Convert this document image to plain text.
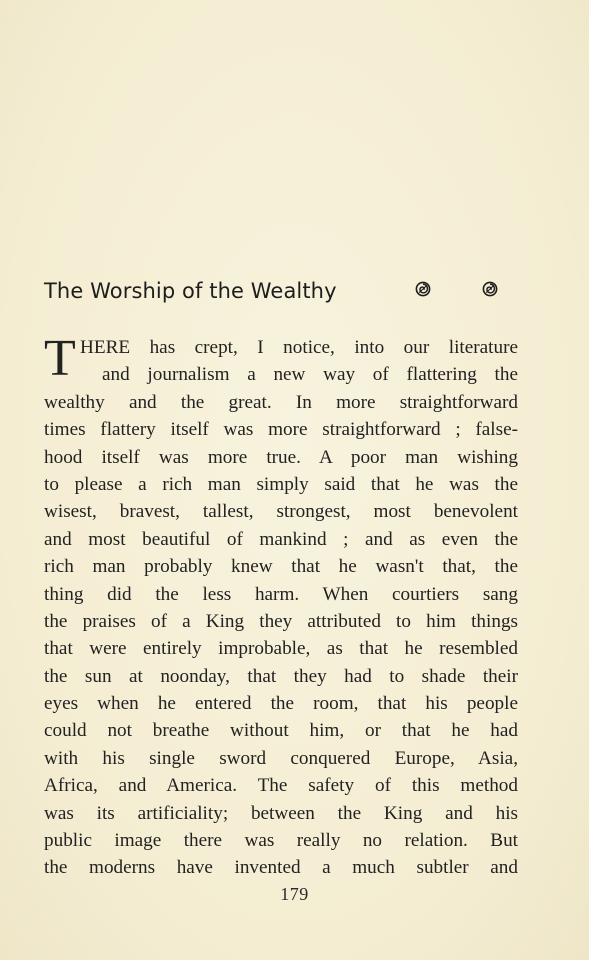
The Worship of the Wealthy
T HERE has crept, I notice, into our literature
and journalism a new way of flattering the
wealthy and the great. In more straightforward
times flattery itself was more straightforward ; false-
hood itself was more true. A poor man wishing
to please a rich man simply said that he was the
wisest, bravest, tallest, strongest, most benevolent
and most beautiful of mankind ; and as even the
rich man probably knew that he wasn't that, the
thing did the less harm. When courtiers sang
the praises of a King they attributed to him things
that were entirely improbable, as that he resembled
the sun at noonday, that they had to shade their
eyes when he entered the room, that his people
could not breathe without him, or that he had
with his single sword conquered Europe, Asia,
Africa, and America. The safety of this method
was its artificiality; between the King and his
public image there was really no relation. But
the moderns have invented a much subtler and
179
